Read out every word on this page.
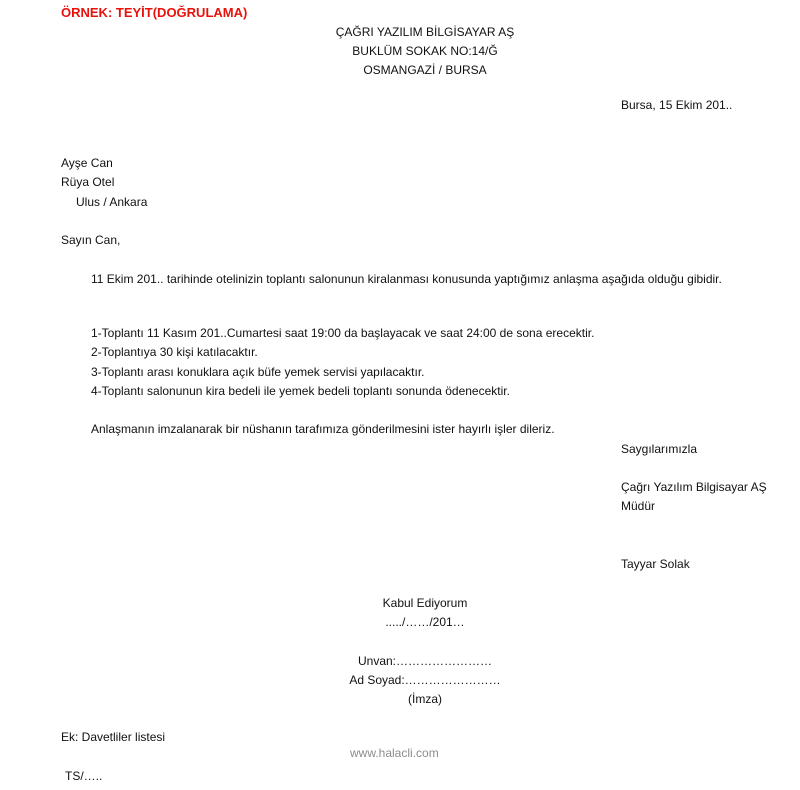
ÖRNEK: TEYİT(DOĞRULAMA)
ÇAĞRI YAZILIM BİLGİSAYAR AŞ
BUKLÜM SOKAK NO:14/Ğ
OSMANGAZİ / BURSA
Bursa, 15 Ekim 201..
Ayşe Can
Rüya Otel
Ulus / Ankara
Sayın Can,
11 Ekim 201.. tarihinde otelinizin toplantı salonunun kiralanması konusunda yaptığımız anlaşma aşağıda olduğu gibidir.
1-Toplantı 11 Kasım 201..Cumartesi saat 19:00 da başlayacak ve saat 24:00 de sona erecektir.
2-Toplantıya 30 kişi katılacaktır.
3-Toplantı arası konuklara açık büfe yemek servisi yapılacaktır.
4-Toplantı salonunun kira bedeli ile yemek bedeli toplantı sonunda ödenecektir.
Anlaşmanın imzalanarak bir nüshanın tarafımıza gönderilmesini ister hayırlı işler dileriz.
Saygılarımızla
Çağrı Yazılım Bilgisayar AŞ
Müdür
Tayyar Solak
Kabul Ediyorum
...../……/201…
Unvan:……………………
Ad Soyad:……………………
(İmza)
Ek: Davetliler listesi
www.halacli.com
TS/…..
